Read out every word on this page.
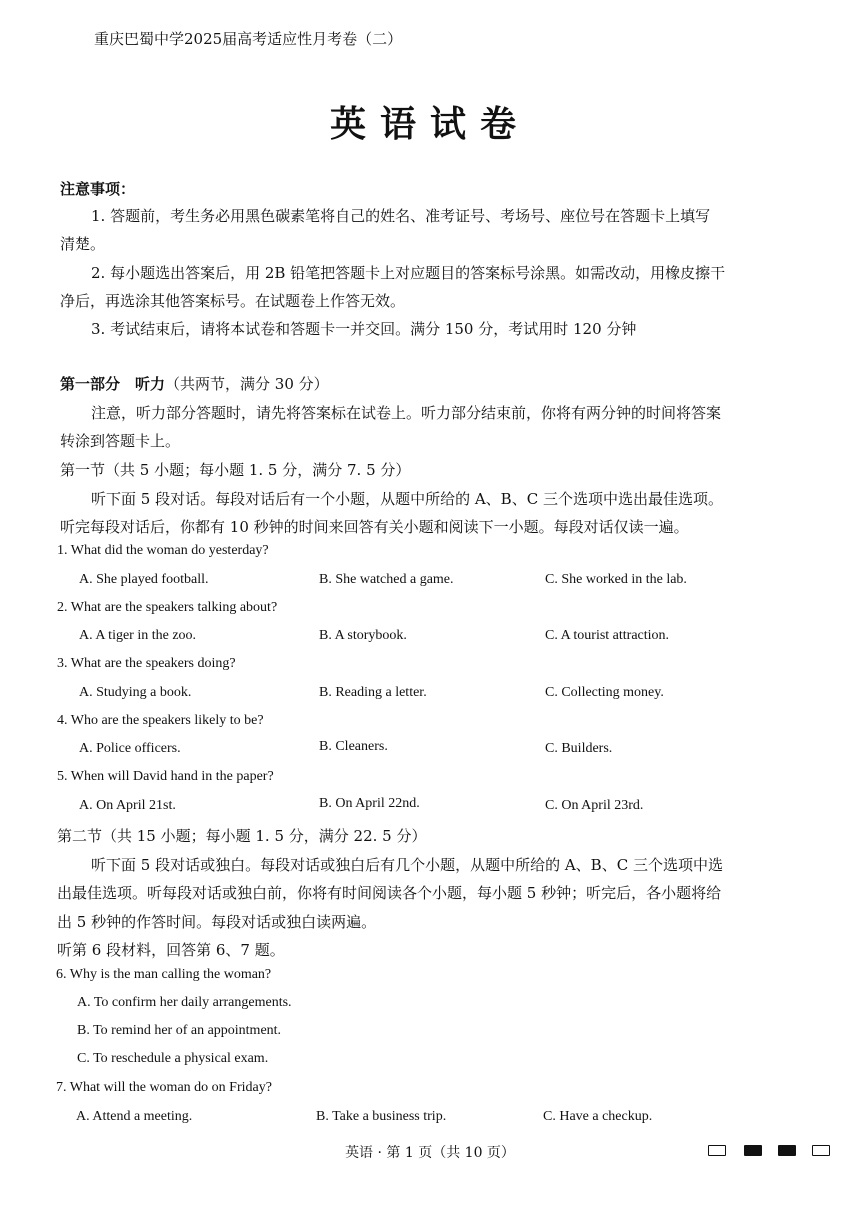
重庆巴蜀中学2025届高考适应性月考卷（二）
英语试卷
注意事项：
1. 答题前，考生务必用黑色碳素笔将自己的姓名、准考证号、考场号、座位号在答题卡上填写
清楚。
2. 每小题选出答案后，用 2B 铅笔把答题卡上对应题目的答案标号涂黑。如需改动，用橡皮擦干
净后，再选涂其他答案标号。在试题卷上作答无效。
3. 考试结束后，请将本试卷和答题卡一并交回。满分 150 分，考试用时 120 分钟
第一部分　听力（共两节，满分 30 分）
注意，听力部分答题时，请先将答案标在试卷上。听力部分结束前，你将有两分钟的时间将答案
转涂到答题卡上。
第一节（共 5 小题；每小题 1. 5 分，满分 7. 5 分）
听下面 5 段对话。每段对话后有一个小题，从题中所给的 A、B、C 三个选项中选出最佳选项。
听完每段对话后，你都有 10 秒钟的时间来回答有关小题和阅读下一小题。每段对话仅读一遍。
1. What did the woman do yesterday?
A. She played football.	B. She watched a game.	C. She worked in the lab.
2. What are the speakers talking about?
A. A tiger in the zoo.	B. A storybook.	C. A tourist attraction.
3. What are the speakers doing?
A. Studying a book.	B. Reading a letter.	C. Collecting money.
4. Who are the speakers likely to be?
A. Police officers.	B. Cleaners.	C. Builders.
5. When will David hand in the paper?
A. On April 21st.	B. On April 22nd.	C. On April 23rd.
第二节（共 15 小题；每小题 1. 5 分，满分 22. 5 分）
听下面 5 段对话或独白。每段对话或独白后有几个小题，从题中所给的 A、B、C 三个选项中选
出最佳选项。听每段对话或独白前，你将有时间阅读各个小题，每小题 5 秒钟；听完后，各小题将给
出 5 秒钟的作答时间。每段对话或独白读两遍。
听第 6 段材料，回答第 6、7 题。
6. Why is the man calling the woman?
A. To confirm her daily arrangements.
B. To remind her of an appointment.
C. To reschedule a physical exam.
7. What will the woman do on Friday?
A. Attend a meeting.	B. Take a business trip.	C. Have a checkup.
英语 · 第 1 页（共 10 页）
